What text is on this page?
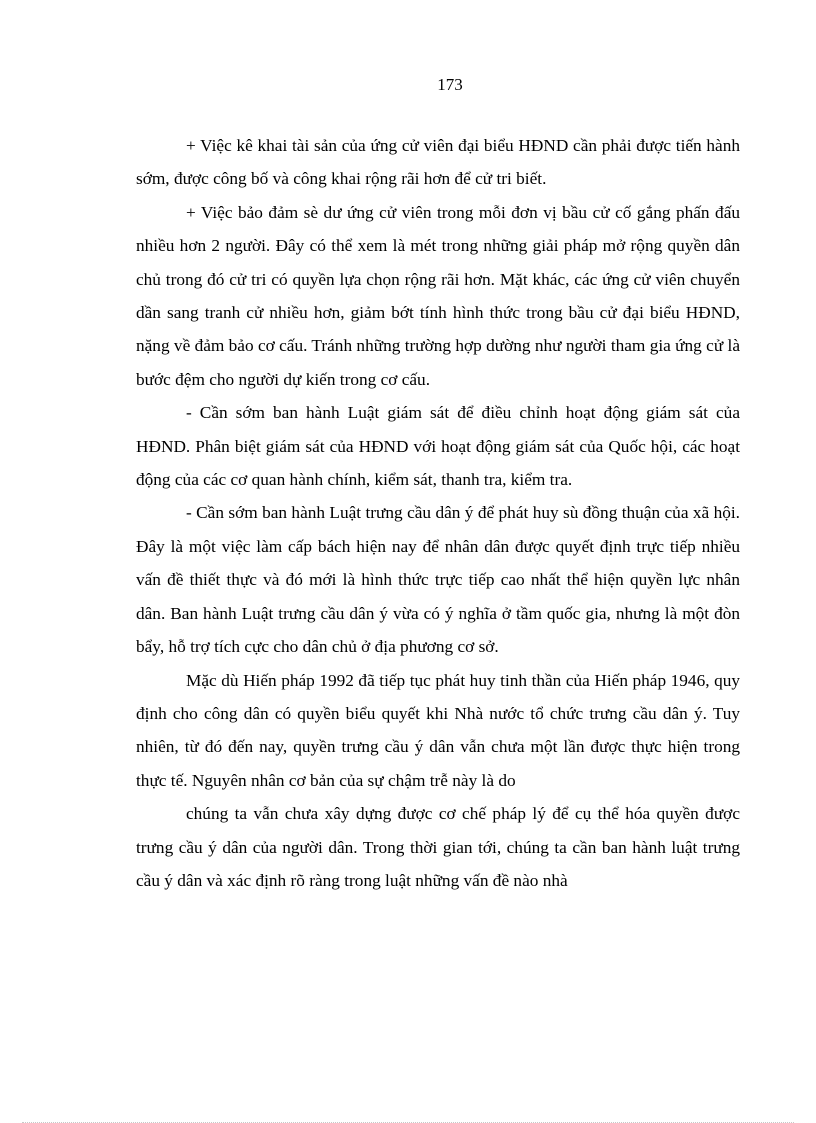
173

+ Việc kê khai tài sản của ứng cử viên đại biểu HĐND cần phải được tiến hành sớm, được công bố và công khai rộng rãi hơn để cử tri biết.

+ Việc bảo đảm sè dư ứng cử viên trong mỗi đơn vị bầu cử cố gắng phấn đấu nhiều hơn 2 người. Đây có thể xem là mét trong những giải pháp mở rộng quyền dân chủ trong đó cử tri có quyền lựa chọn rộng rãi hơn. Mặt khác, các ứng cử viên chuyển dần sang tranh cử nhiều hơn, giảm bớt tính hình thức trong bầu cử đại biểu HĐND, nặng về đảm bảo cơ cấu. Tránh những trường hợp dường như người tham gia ứng cử là bước đệm cho người dự kiến trong cơ cấu.

- Cần sớm ban hành Luật giám sát để điều chỉnh hoạt động giám sát của HĐND. Phân biệt giám sát của HĐND với hoạt động giám sát của Quốc hội, các hoạt động của các cơ quan hành chính, kiểm sát, thanh tra, kiểm tra.

- Cần sớm ban hành Luật trưng cầu dân ý để phát huy sù đồng thuận của xã hội. Đây là một việc làm cấp bách hiện nay để nhân dân được quyết định trực tiếp nhiều vấn đề thiết thực và đó mới là hình thức trực tiếp cao nhất thể hiện quyền lực nhân dân. Ban hành Luật trưng cầu dân ý vừa có ý nghĩa ở tầm quốc gia, nhưng là một đòn bẩy, hỗ trợ tích cực cho dân chủ ở địa phương cơ sở.

Mặc dù Hiến pháp 1992 đã tiếp tục phát huy tinh thần của Hiến pháp 1946, quy định cho công dân có quyền biểu quyết khi Nhà nước tổ chức trưng cầu dân ý. Tuy nhiên, từ đó đến nay, quyền trưng cầu ý dân vẫn chưa một lần được thực hiện trong thực tế. Nguyên nhân cơ bản của sự chậm trễ này là do

chúng ta vẫn chưa xây dựng được cơ chế pháp lý để cụ thể hóa quyền được trưng cầu ý dân của người dân. Trong thời gian tới, chúng ta cần ban hành luật trưng cầu ý dân và xác định rõ ràng trong luật những vấn đề nào nhà
